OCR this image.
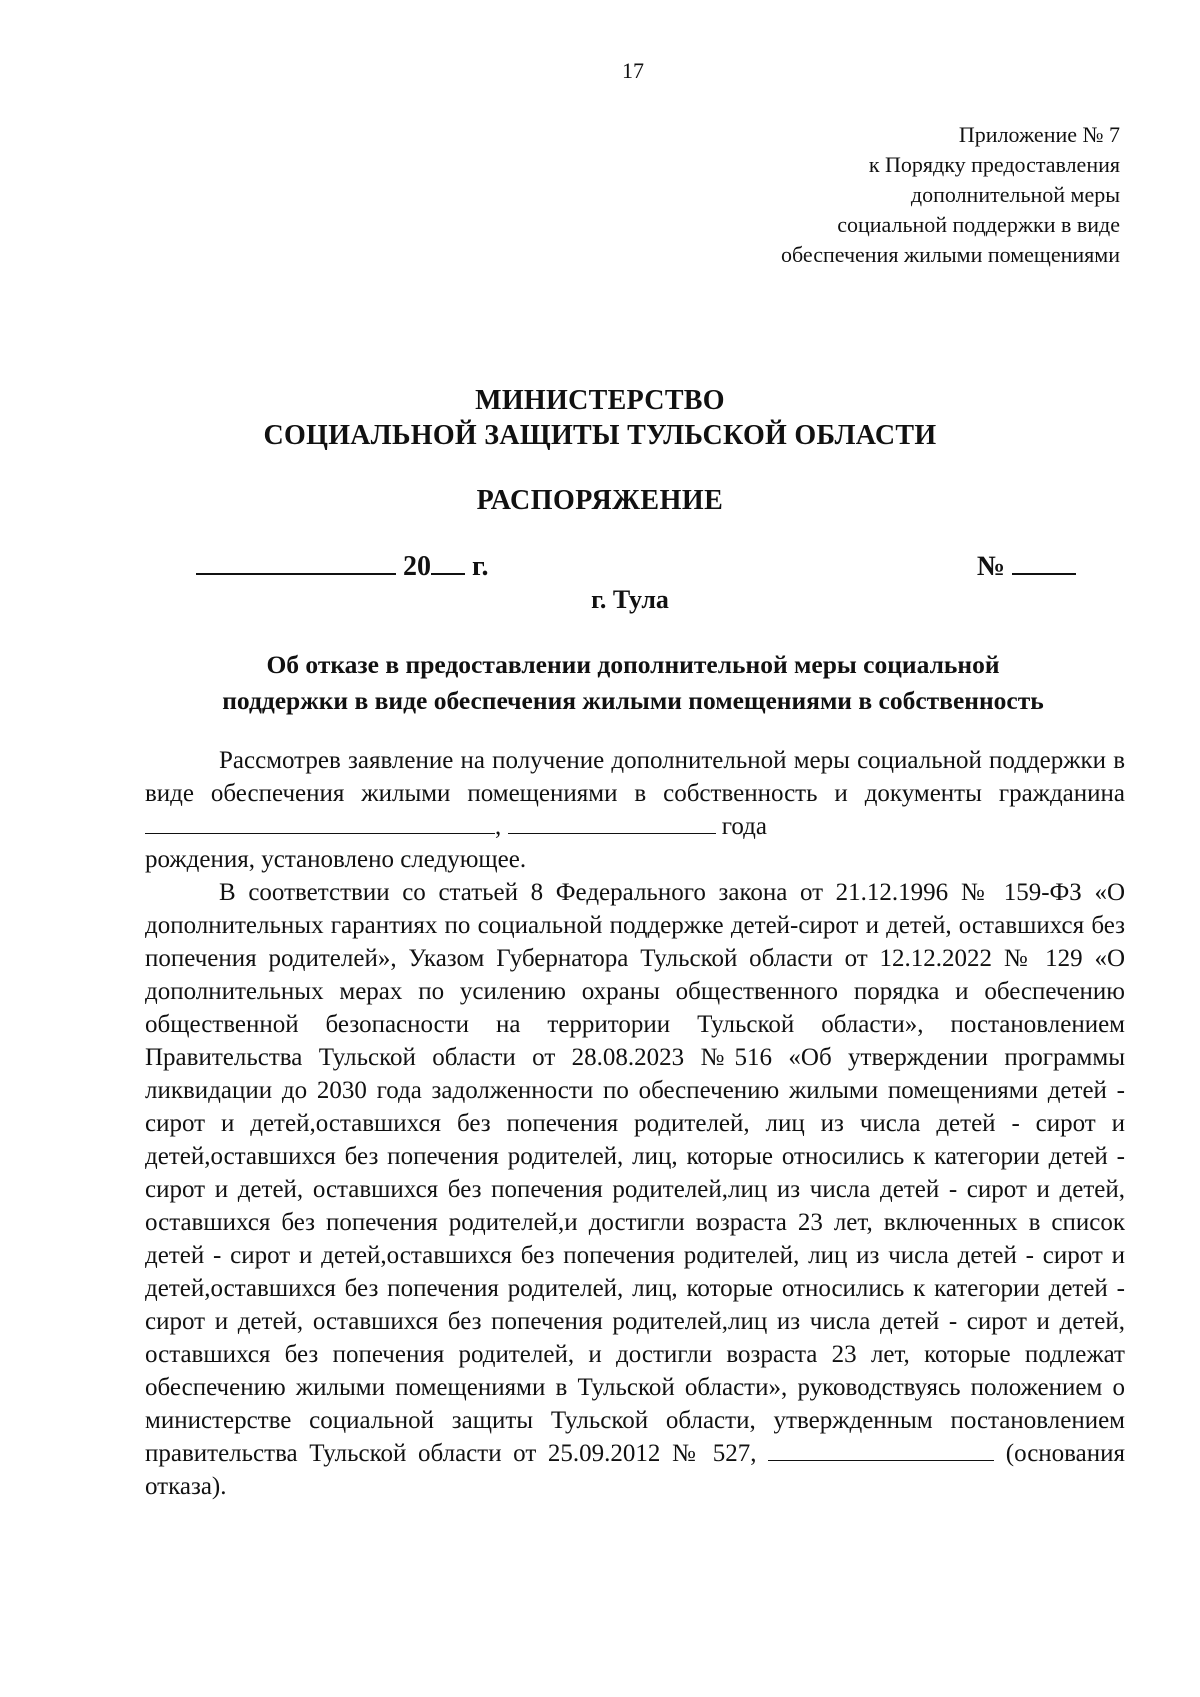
17
Приложение № 7
к Порядку предоставления
дополнительной меры
социальной поддержки в виде
обеспечения жилыми помещениями
МИНИСТЕРСТВО
СОЦИАЛЬНОЙ ЗАЩИТЫ ТУЛЬСКОЙ ОБЛАСТИ
РАСПОРЯЖЕНИЕ
20 г.	№
г. Тула
Об отказе в предоставлении дополнительной меры социальной
поддержки в виде обеспечения жилыми помещениями в собственность

Рассмотрев заявление на получение дополнительной меры социальной поддержки в виде обеспечения жилыми помещениями в собственность и документы гражданина ,	года

рождения, установлено следующее.

В соответствии со статьей 8 Федерального закона от 21.12.1996 № 159-ФЗ «О дополнительных гарантиях по социальной поддержке детей-сирот и детей, оставшихся без попечения родителей», Указом Губернатора Тульской области от 12.12.2022 № 129 «О дополнительных мерах по усилению охраны общественного порядка и обеспечению общественной безопасности на территории Тульской области», постановлением Правительства Тульской области от 28.08.2023 №516 «Об утверждении программы ликвидации до 2030 года задолженности по обеспечению жилыми помещениями детей - сирот и детей,оставшихся без попечения родителей, лиц из числа детей - сирот и детей,оставшихся без попечения родителей, лиц, которые относились к категории детей - сирот и детей, оставшихся без попечения родителей,лиц из числа детей - сирот и детей, оставшихся без попечения родителей,и достигли возраста 23 лет, включенных в список детей - сирот и детей,оставшихся без попечения родителей, лиц из числа детей - сирот и детей,оставшихся без попечения родителей, лиц, которые относились к категории детей - сирот и детей, оставшихся без попечения родителей,лиц из числа детей - сирот и детей, оставшихся без попечения родителей, и достигли возраста 23 лет, которые подлежат обеспечению жилыми помещениями в Тульской области», руководствуясь положением о министерстве социальной защиты Тульской области, утвержденным постановлением правительства Тульской области от 25.09.2012 № 527,	(основания отказа).
